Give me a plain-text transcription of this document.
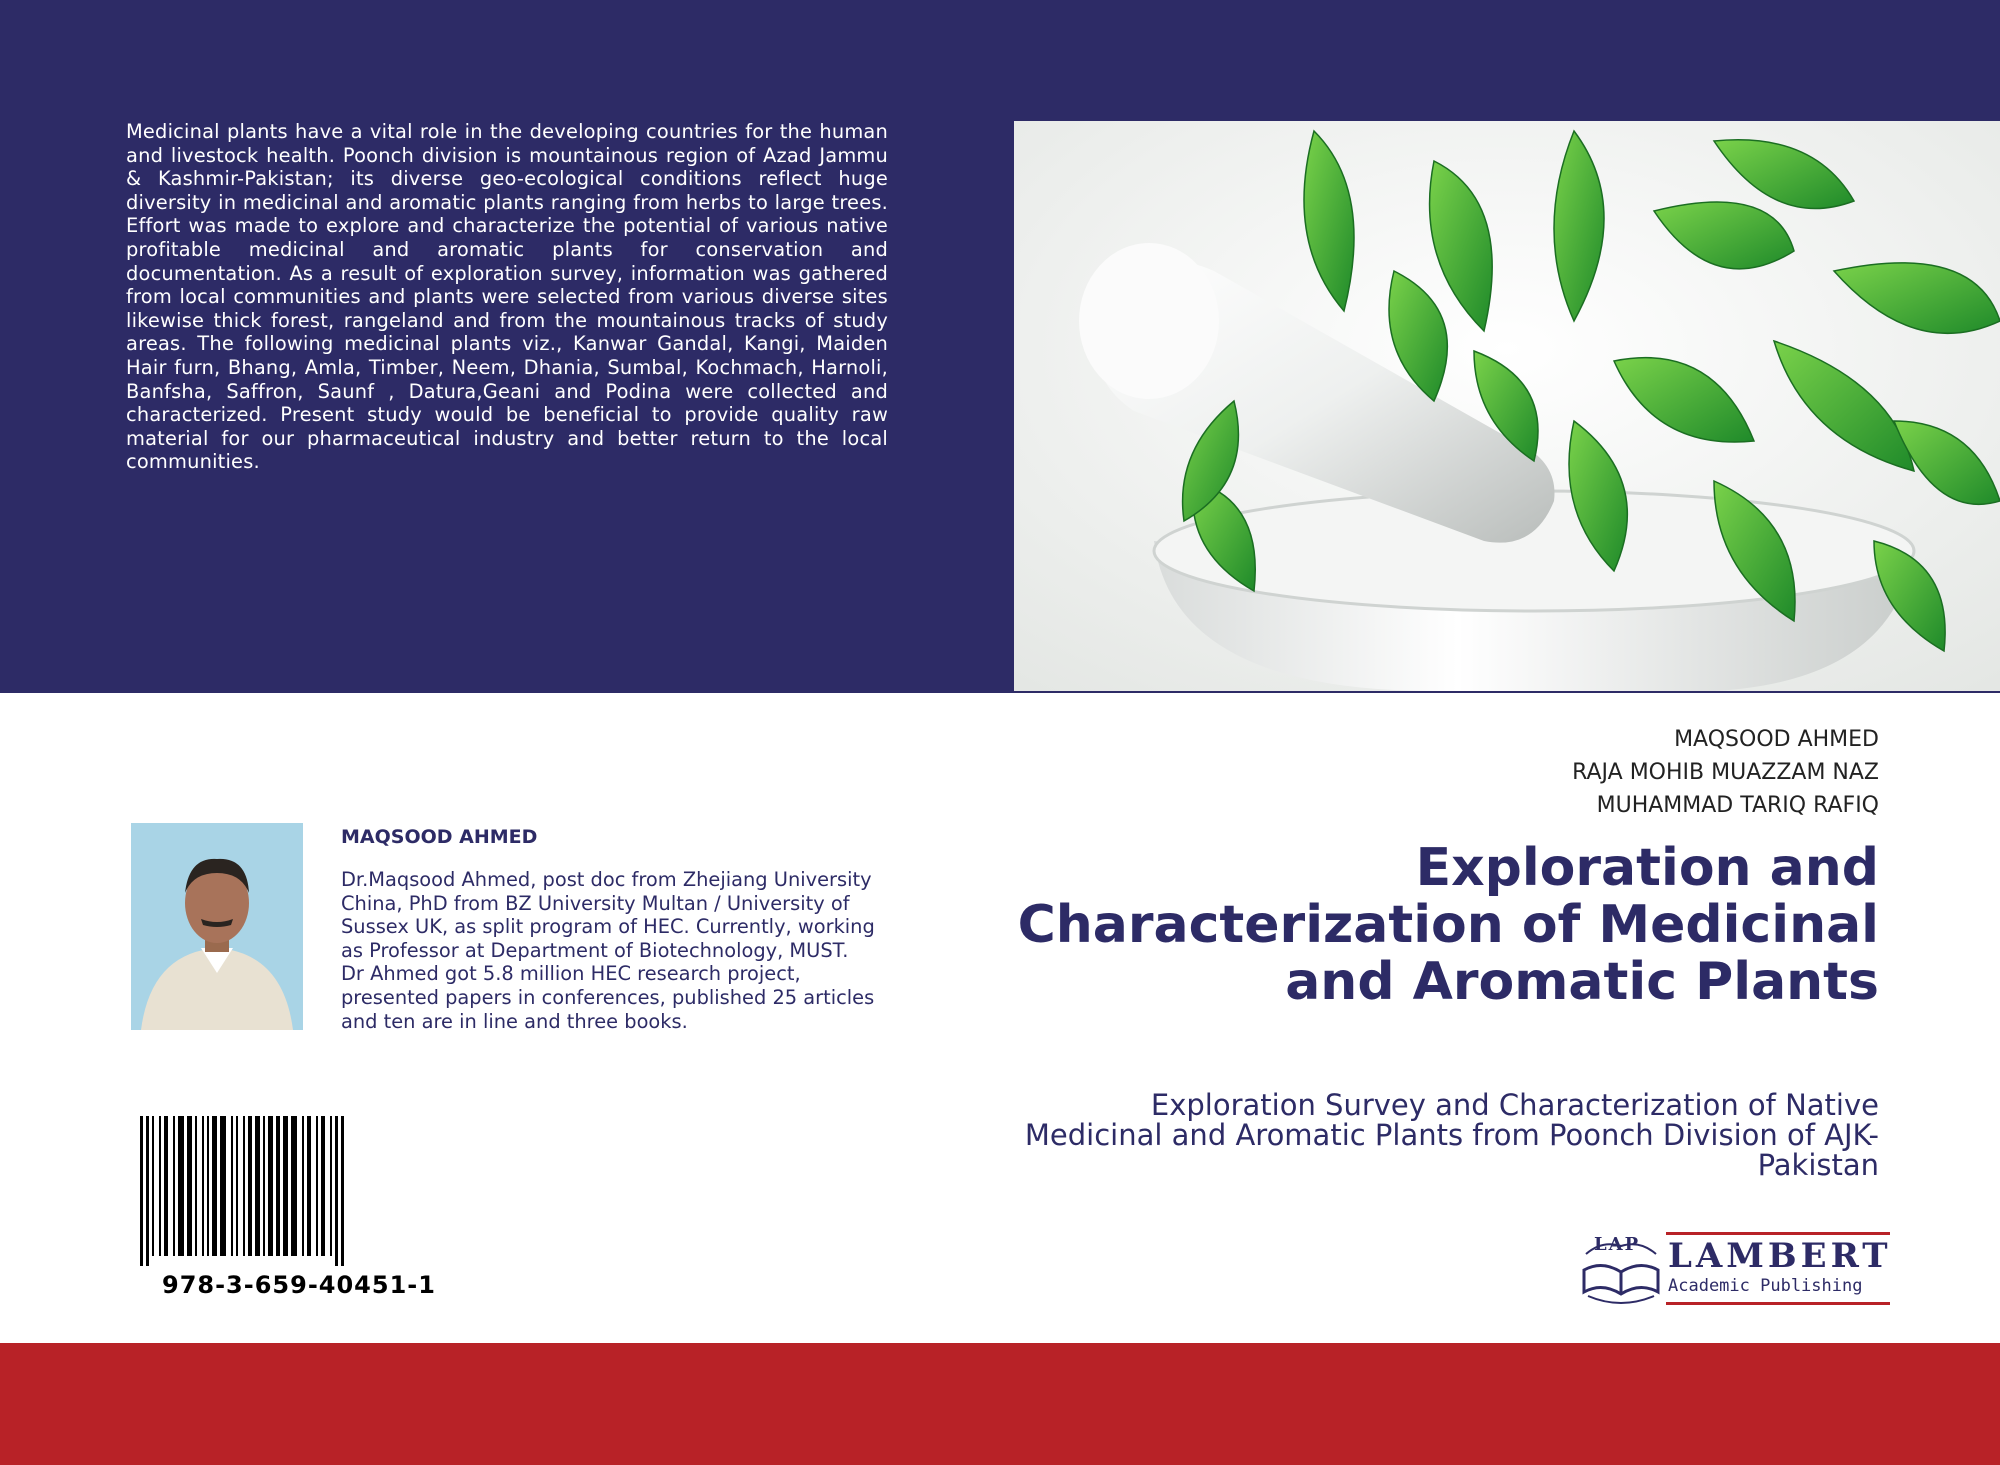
Medicinal plants have a vital role in the developing countries for the human and livestock health. Poonch division is mountainous region of Azad Jammu & Kashmir-Pakistan; its diverse geo-ecological conditions reflect huge diversity in medicinal and aromatic plants ranging from herbs to large trees. Effort was made to explore and characterize the potential of various native profitable medicinal and aromatic plants for conservation and documentation. As a result of exploration survey, information was gathered from local communities and plants were selected from various diverse sites likewise thick forest, rangeland and from the mountainous tracks of study areas. The following medicinal plants viz., Kanwar Gandal, Kangi, Maiden Hair furn, Bhang, Amla, Timber, Neem, Dhania, Sumbal, Kochmach, Harnoli, Banfsha, Saffron, Saunf , Datura,Geani and Podina were collected and characterized. Present study would be beneficial to provide quality raw material for our pharmaceutical industry and better return to the local communities.

MAQSOOD AHMED
RAJA MOHIB MUAZZAM NAZ
MUHAMMAD TARIQ RAFIQ
Exploration and Characterization of Medicinal and Aromatic Plants
Exploration Survey and Characterization of Native Medicinal and Aromatic Plants from Poonch Division of AJK-Pakistan
MAQSOOD AHMED
Dr.Maqsood Ahmed, post doc from Zhejiang University China, PhD from BZ University Multan / University of Sussex UK, as split program of HEC. Currently, working as Professor at Department of Biotechnology, MUST. Dr Ahmed got 5.8 million HEC research project, presented papers in conferences, published 25 articles and ten are in line and three books.
978-3-659-40451-1
LAP LAMBERT
Academic Publishing
